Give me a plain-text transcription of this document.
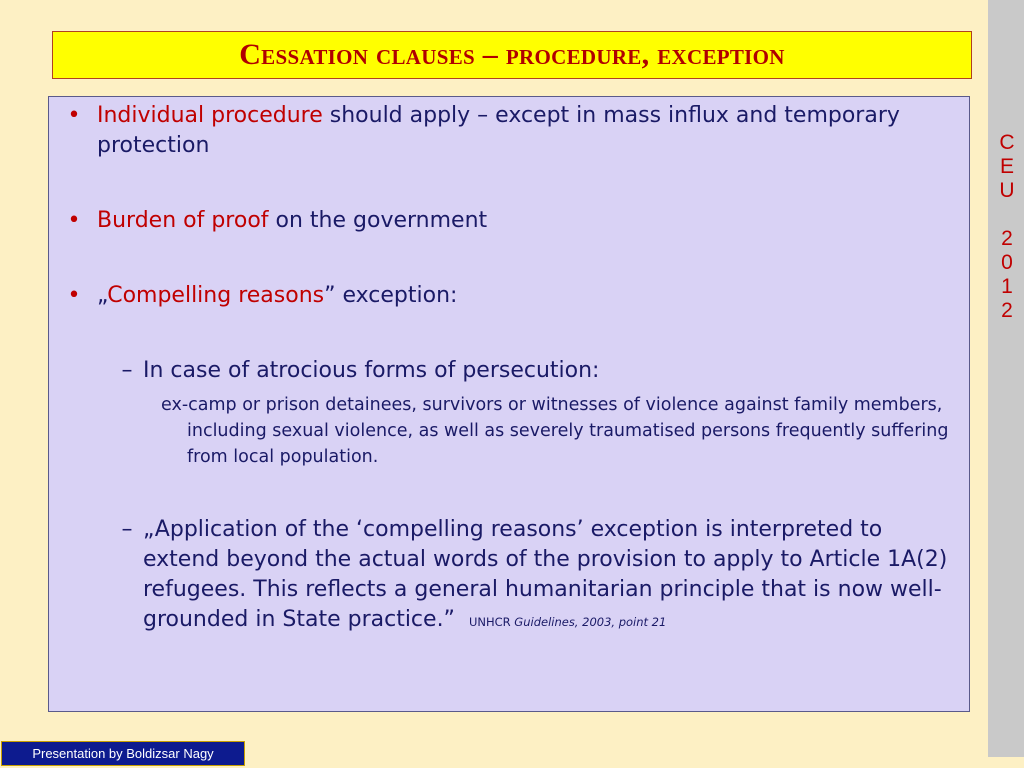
C
E
U
2
0
1
2
Cessation clauses – procedure, exception
• Individual procedure should apply – except in mass influx and temporary protection
• Burden of proof on the government
• „Compelling reasons” exception:
– In case of atrocious forms of persecution:
ex-camp or prison detainees, survivors or witnesses of violence against family members, including sexual violence, as well as severely traumatised persons frequently suffering from local population.
– „Application of the ‘compelling reasons’ exception is interpreted to extend beyond the actual words of the provision to apply to Article 1A(2) refugees. This reflects a general humanitarian principle that is now well-grounded in State practice.” UNHCR Guidelines, 2003, point 21
Presentation by Boldizsar Nagy
